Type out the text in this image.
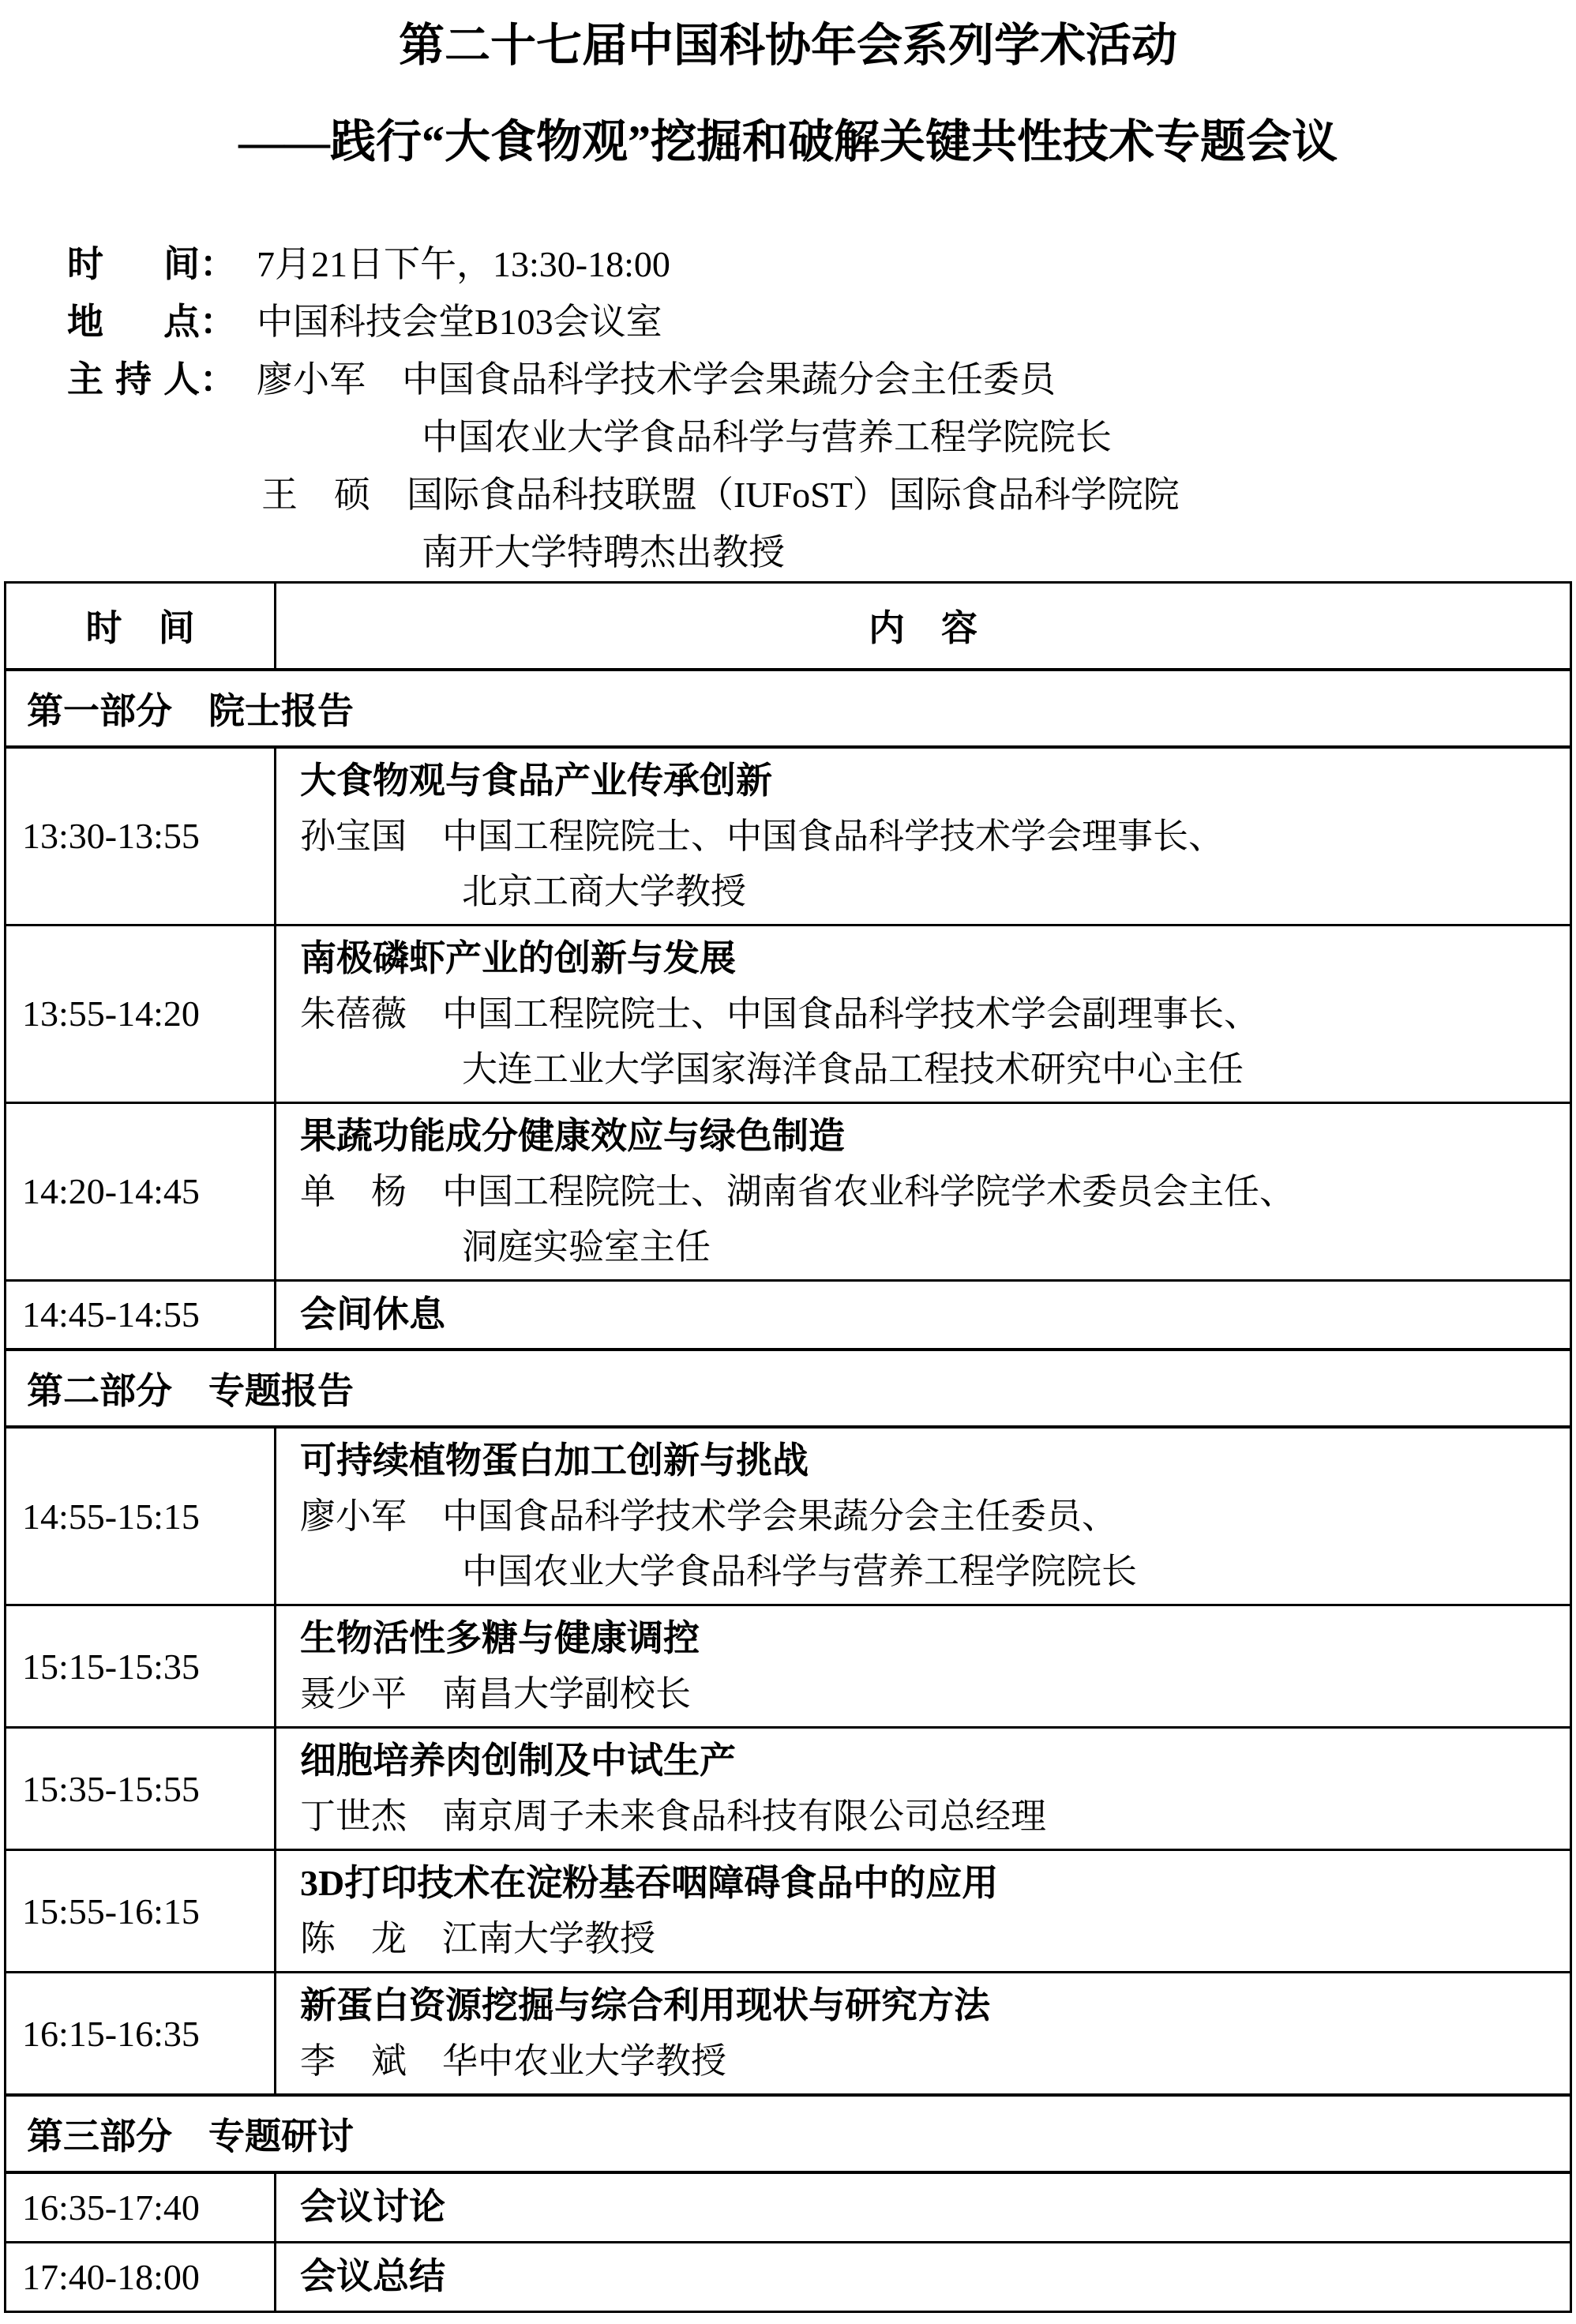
第二十七届中国科协年会系列学术活动
——践行“大食物观”挖掘和破解关键共性技术专题会议
时 间： 7月21日下午，13:30-18:00
地 点： 中国科技会堂B103会议室
主持人： 廖小军　中国食品科学技术学会果蔬分会主任委员
中国农业大学食品科学与营养工程学院院长
王　硕　国际食品科技联盟（IUFoST）国际食品科学院院
南开大学特聘杰出教授
时　间	内　容
第一部分　院士报告	
13:30-13:55	大食物观与食品产业传承创新
孙宝国　中国工程院院士、中国食品科学技术学会理事长、
北京工商大学教授

13:55-14:20	南极磷虾产业的创新与发展
朱蓓薇　中国工程院院士、中国食品科学技术学会副理事长、
大连工业大学国家海洋食品工程技术研究中心主任

14:20-14:45	果蔬功能成分健康效应与绿色制造
单　杨　中国工程院院士、湖南省农业科学院学术委员会主任、
洞庭实验室主任

14:45-14:55	会间休息
第二部分　专题报告	
14:55-15:15	可持续植物蛋白加工创新与挑战
廖小军　中国食品科学技术学会果蔬分会主任委员、
中国农业大学食品科学与营养工程学院院长

15:15-15:35	生物活性多糖与健康调控
聂少平　南昌大学副校长

15:35-15:55	细胞培养肉创制及中试生产
丁世杰　南京周子未来食品科技有限公司总经理

15:55-16:15	3D打印技术在淀粉基吞咽障碍食品中的应用
陈　龙　江南大学教授

16:15-16:35	新蛋白资源挖掘与综合利用现状与研究方法
李　斌　华中农业大学教授

第三部分　专题研讨	
16:35-17:40	会议讨论
17:40-18:00	会议总结
